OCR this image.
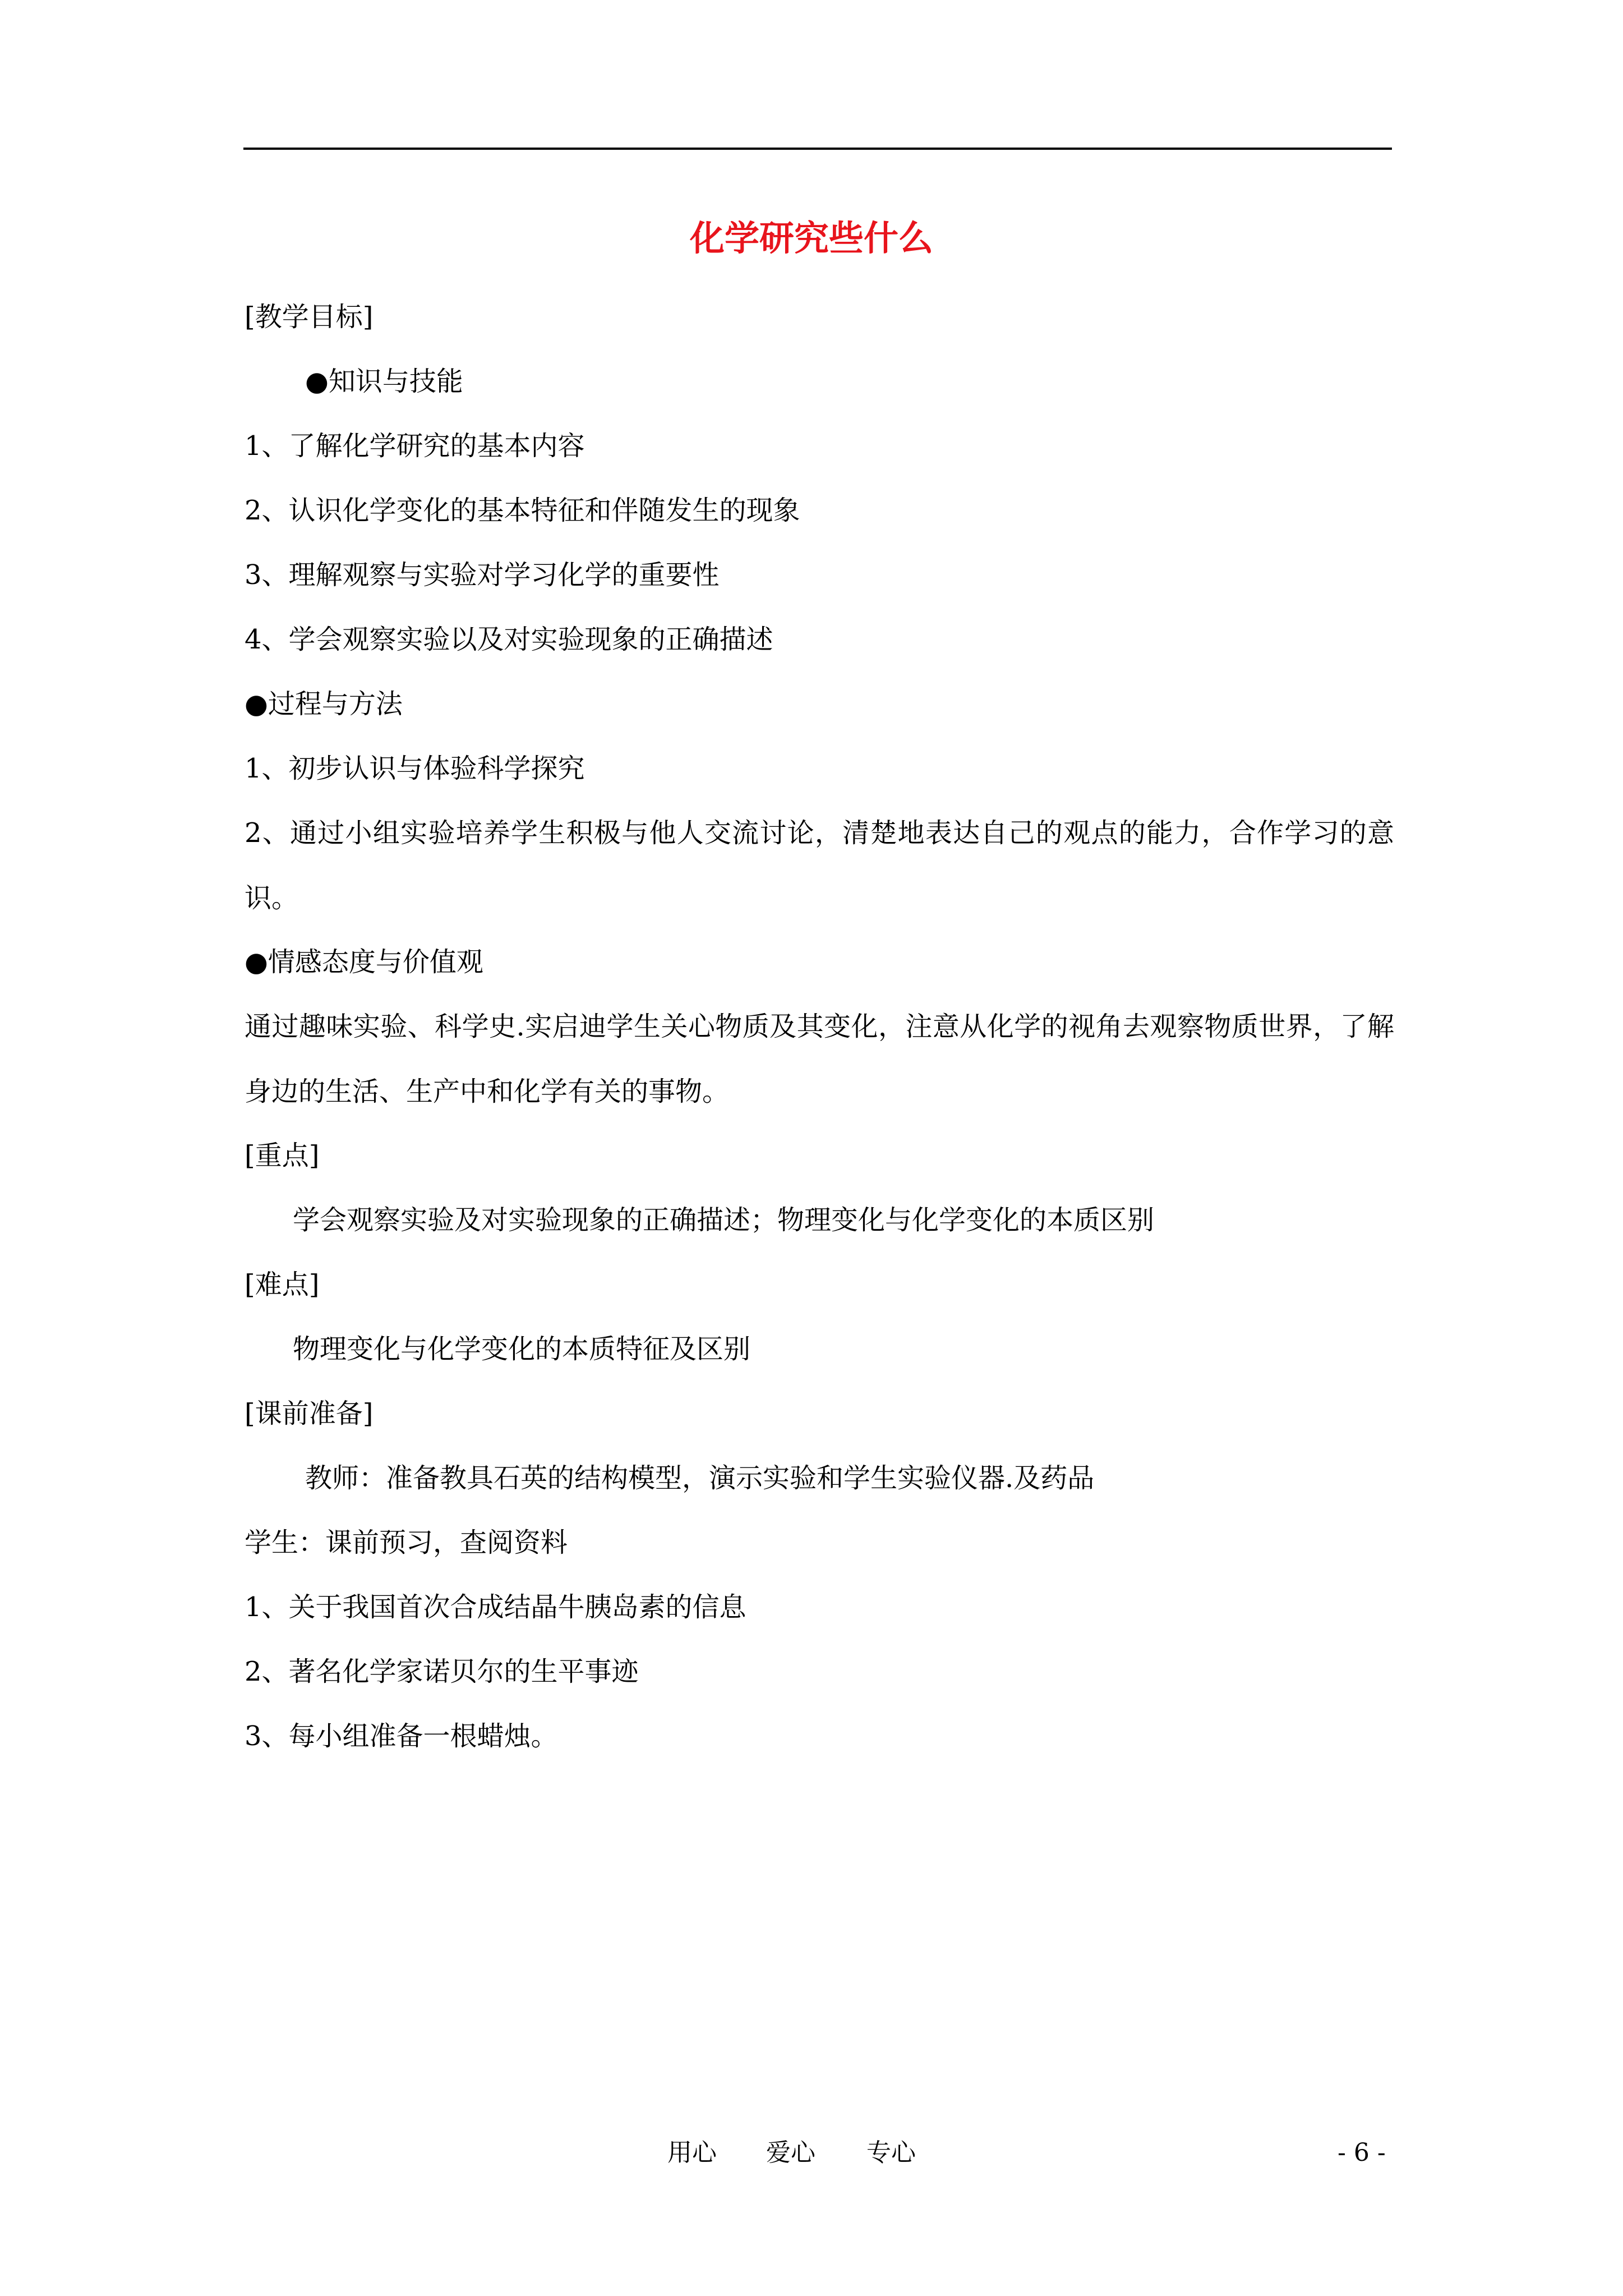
化学研究些什么
[教学目标]
●知识与技能
1、了解化学研究的基本内容
2、认识化学变化的基本特征和伴随发生的现象
3、理解观察与实验对学习化学的重要性
4、学会观察实验以及对实验现象的正确描述
●过程与方法
1、初步认识与体验科学探究
2、通过小组实验培养学生积极与他人交流讨论，清楚地表达自己的观点的能力，合作学习的意识。
●情感态度与价值观
通过趣味实验、科学史.实启迪学生关心物质及其变化，注意从化学的视角去观察物质世界，了解身边的生活、生产中和化学有关的事物。
[重点]
学会观察实验及对实验现象的正确描述；物理变化与化学变化的本质区别
[难点]
物理变化与化学变化的本质特征及区别
[课前准备]
教师：准备教具石英的结构模型，演示实验和学生实验仪器.及药品
学生：课前预习，查阅资料
1、关于我国首次合成结晶牛胰岛素的信息
2、著名化学家诺贝尔的生平事迹
3、每小组准备一根蜡烛。
用心 爱心 专心	- 6 -
